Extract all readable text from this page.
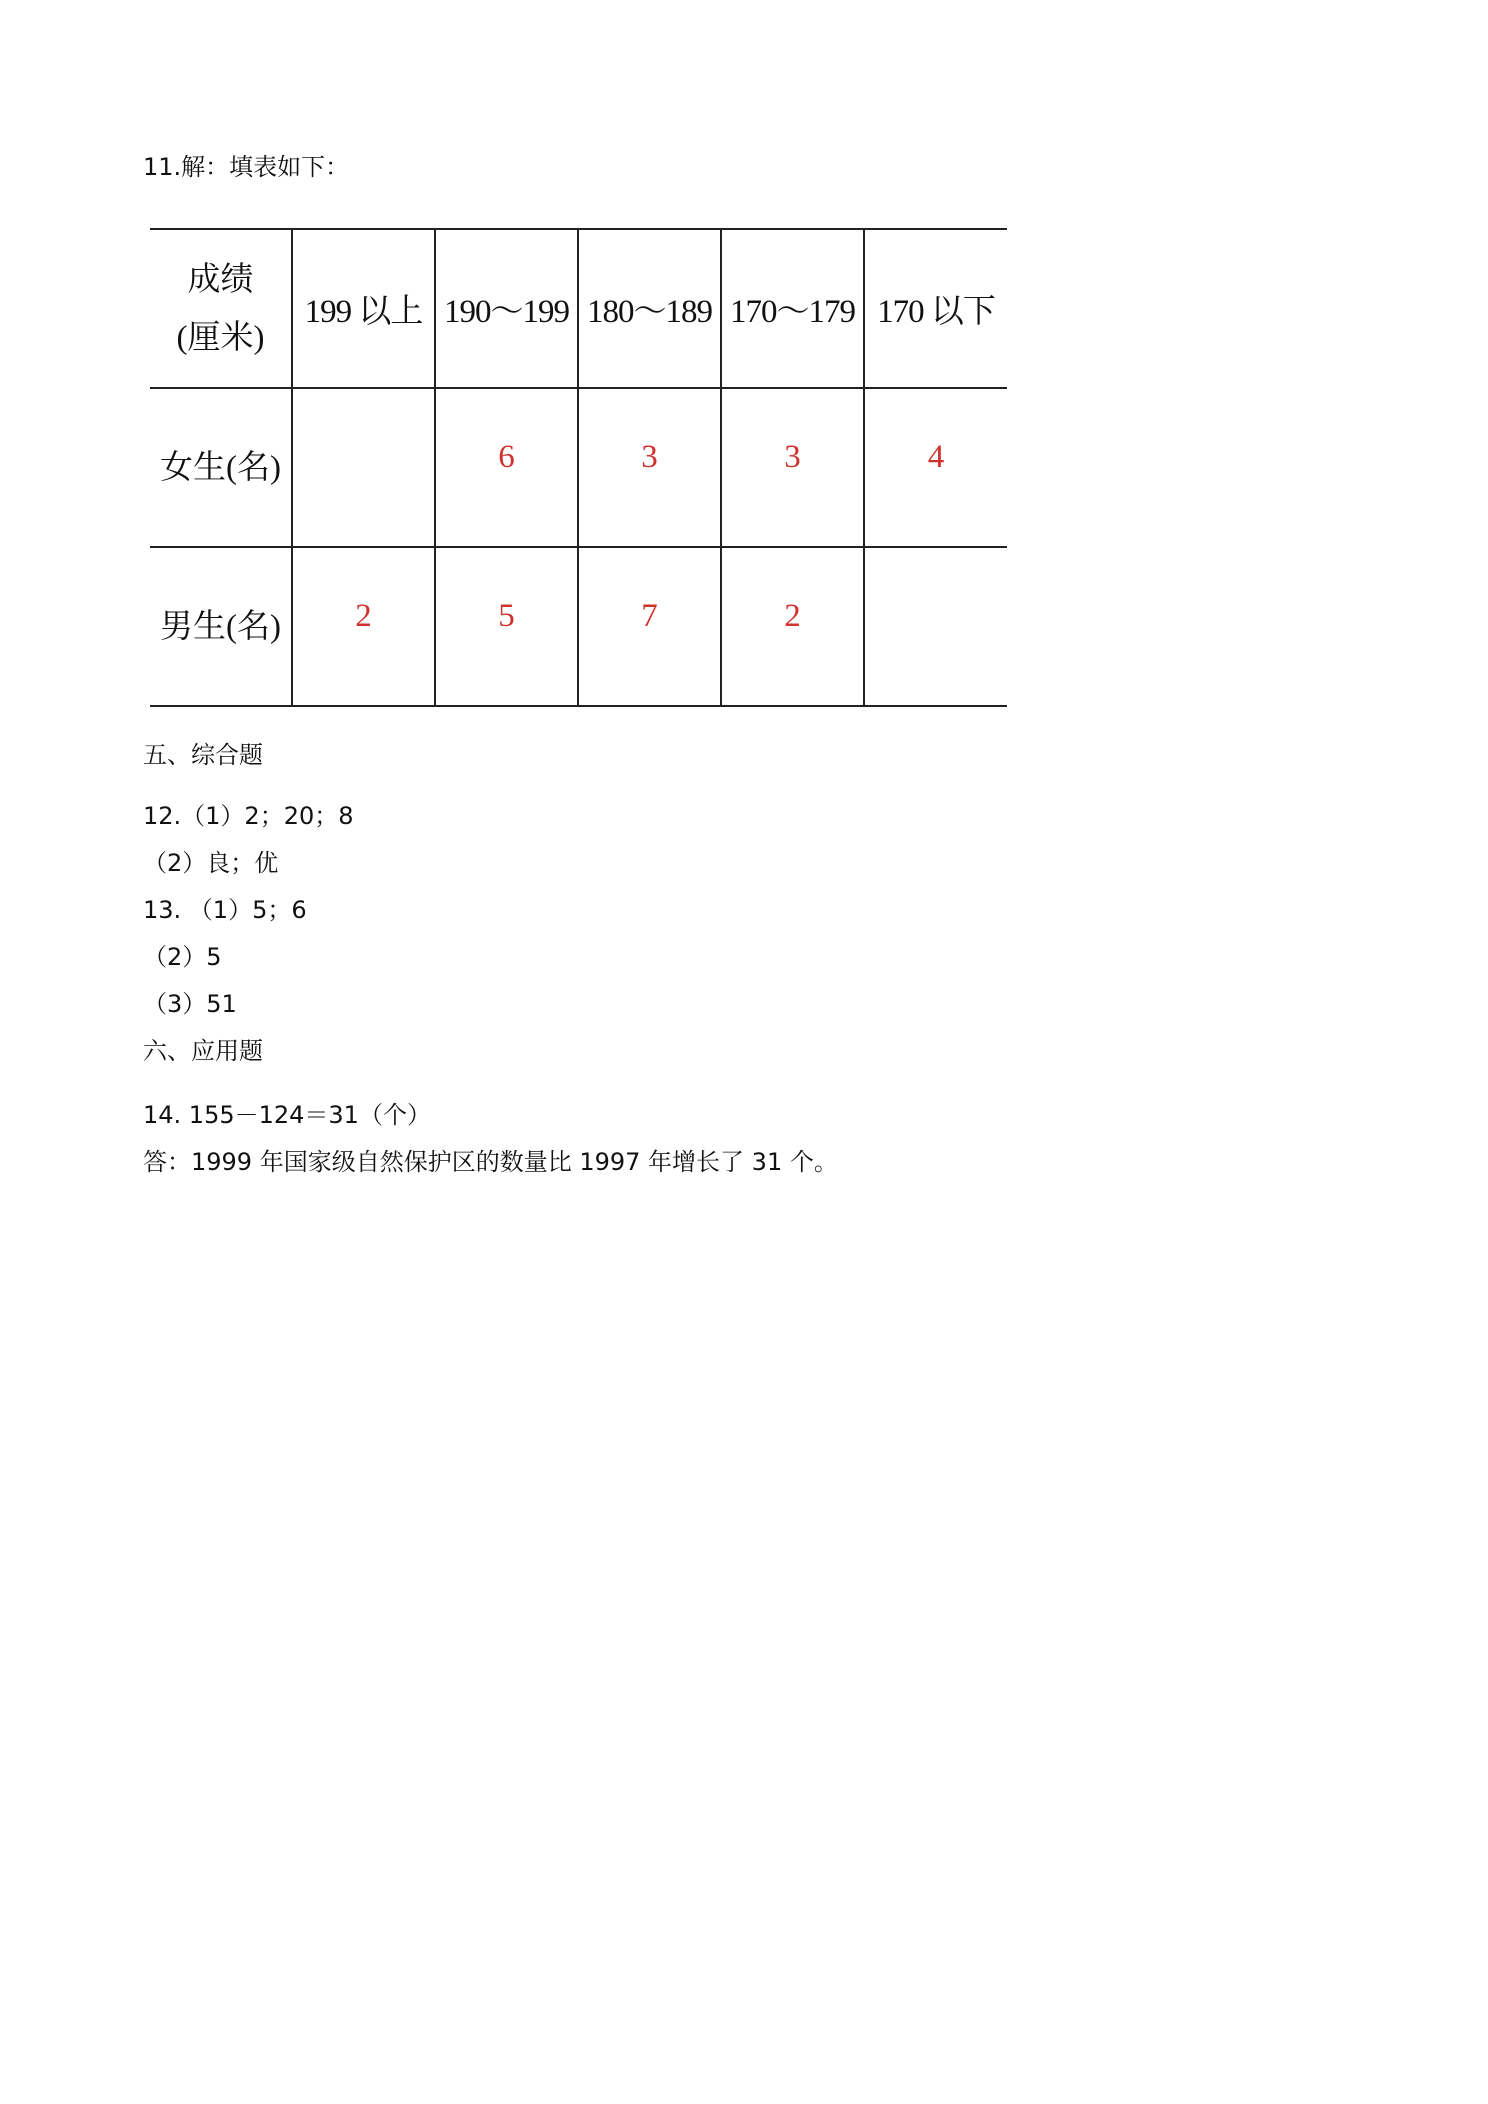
11.解：填表如下：
成绩
(厘米)	199 以上	190～199	180～189	170～179	170 以下
女生(名)		6	3	3	4
男生(名)	2	5	7	2	
五、综合题
12.（1）2；20；8
（2）良；优
13. （1）5；6
（2）5
（3）51
六、应用题
14. 155－124＝31（个）
答：1999 年国家级自然保护区的数量比 1997 年增长了 31 个。
